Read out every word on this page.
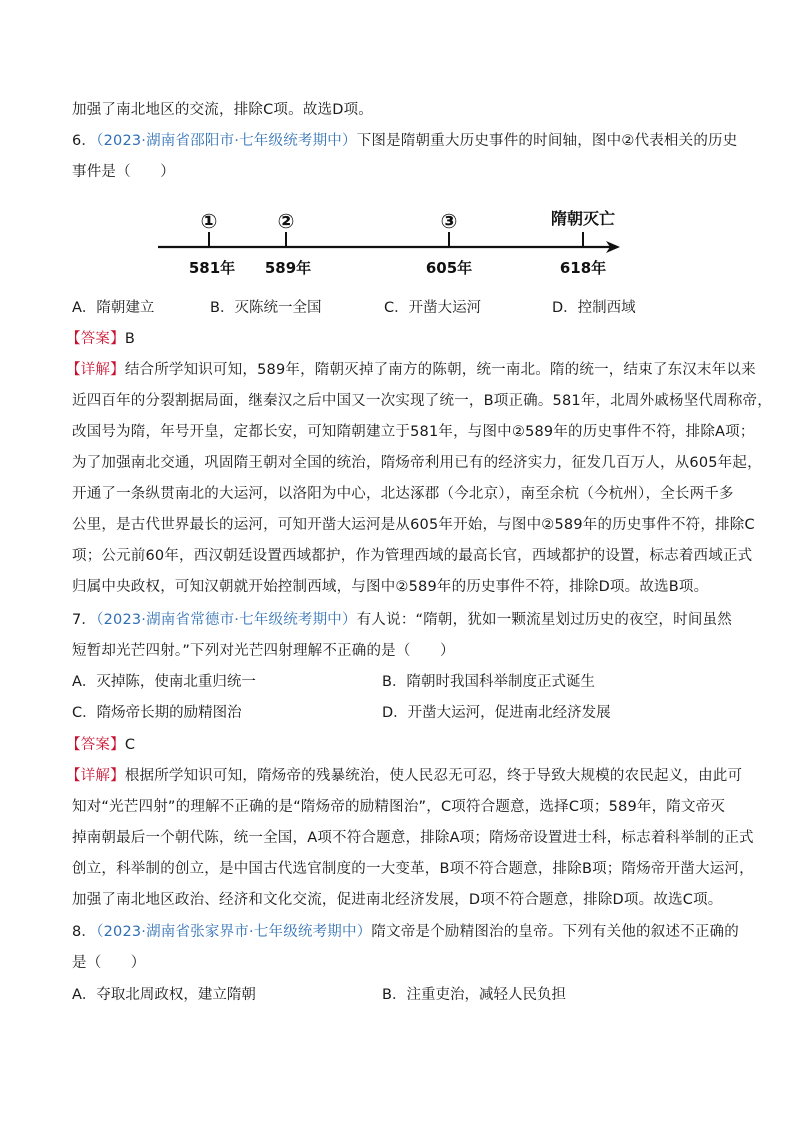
加强了南北地区的交流，排除C项。故选D项。
6．（2023·湖南省邵阳市·七年级统考期中）下图是隋朝重大历史事件的时间轴，图中②代表相关的历史
事件是（　　）
①	②	③	隋朝灭亡
581年 589年	605年	618年
A．隋朝建立	B．灭陈统一全国	C．开凿大运河	D．控制西域
【答案】B
【详解】结合所学知识可知，589年，隋朝灭掉了南方的陈朝，统一南北。隋的统一，结束了东汉末年以来
近四百年的分裂割据局面，继秦汉之后中国又一次实现了统一，B项正确。581年，北周外戚杨坚代周称帝，
改国号为隋，年号开皇，定都长安，可知隋朝建立于581年，与图中②589年的历史事件不符，排除A项；
为了加强南北交通，巩固隋王朝对全国的统治，隋炀帝利用已有的经济实力，征发几百万人，从605年起，
开通了一条纵贯南北的大运河，以洛阳为中心，北达涿郡（今北京），南至余杭（今杭州），全长两千多
公里，是古代世界最长的运河，可知开凿大运河是从605年开始，与图中②589年的历史事件不符，排除C
项；公元前60年，西汉朝廷设置西域都护，作为管理西域的最高长官，西域都护的设置，标志着西域正式
归属中央政权，可知汉朝就开始控制西域，与图中②589年的历史事件不符，排除D项。故选B项。
7．（2023·湖南省常德市·七年级统考期中）有人说：“隋朝，犹如一颗流星划过历史的夜空，时间虽然
短暂却光芒四射。”下列对光芒四射理解不正确的是（　　）
A．灭掉陈，使南北重归统一	B．隋朝时我国科举制度正式诞生
C．隋炀帝长期的励精图治	D．开凿大运河，促进南北经济发展
【答案】C
【详解】根据所学知识可知，隋炀帝的残暴统治，使人民忍无可忍，终于导致大规模的农民起义，由此可
知对“光芒四射”的理解不正确的是“隋炀帝的励精图治”，C项符合题意，选择C项；589年，隋文帝灭
掉南朝最后一个朝代陈，统一全国，A项不符合题意，排除A项；隋炀帝设置进士科，标志着科举制的正式
创立，科举制的创立，是中国古代选官制度的一大变革，B项不符合题意，排除B项；隋炀帝开凿大运河，
加强了南北地区政治、经济和文化交流，促进南北经济发展，D项不符合题意，排除D项。故选C项。
8．（2023·湖南省张家界市·七年级统考期中）隋文帝是个励精图治的皇帝。下列有关他的叙述不正确的
是（　　）
A．夺取北周政权，建立隋朝	B．注重吏治，减轻人民负担
